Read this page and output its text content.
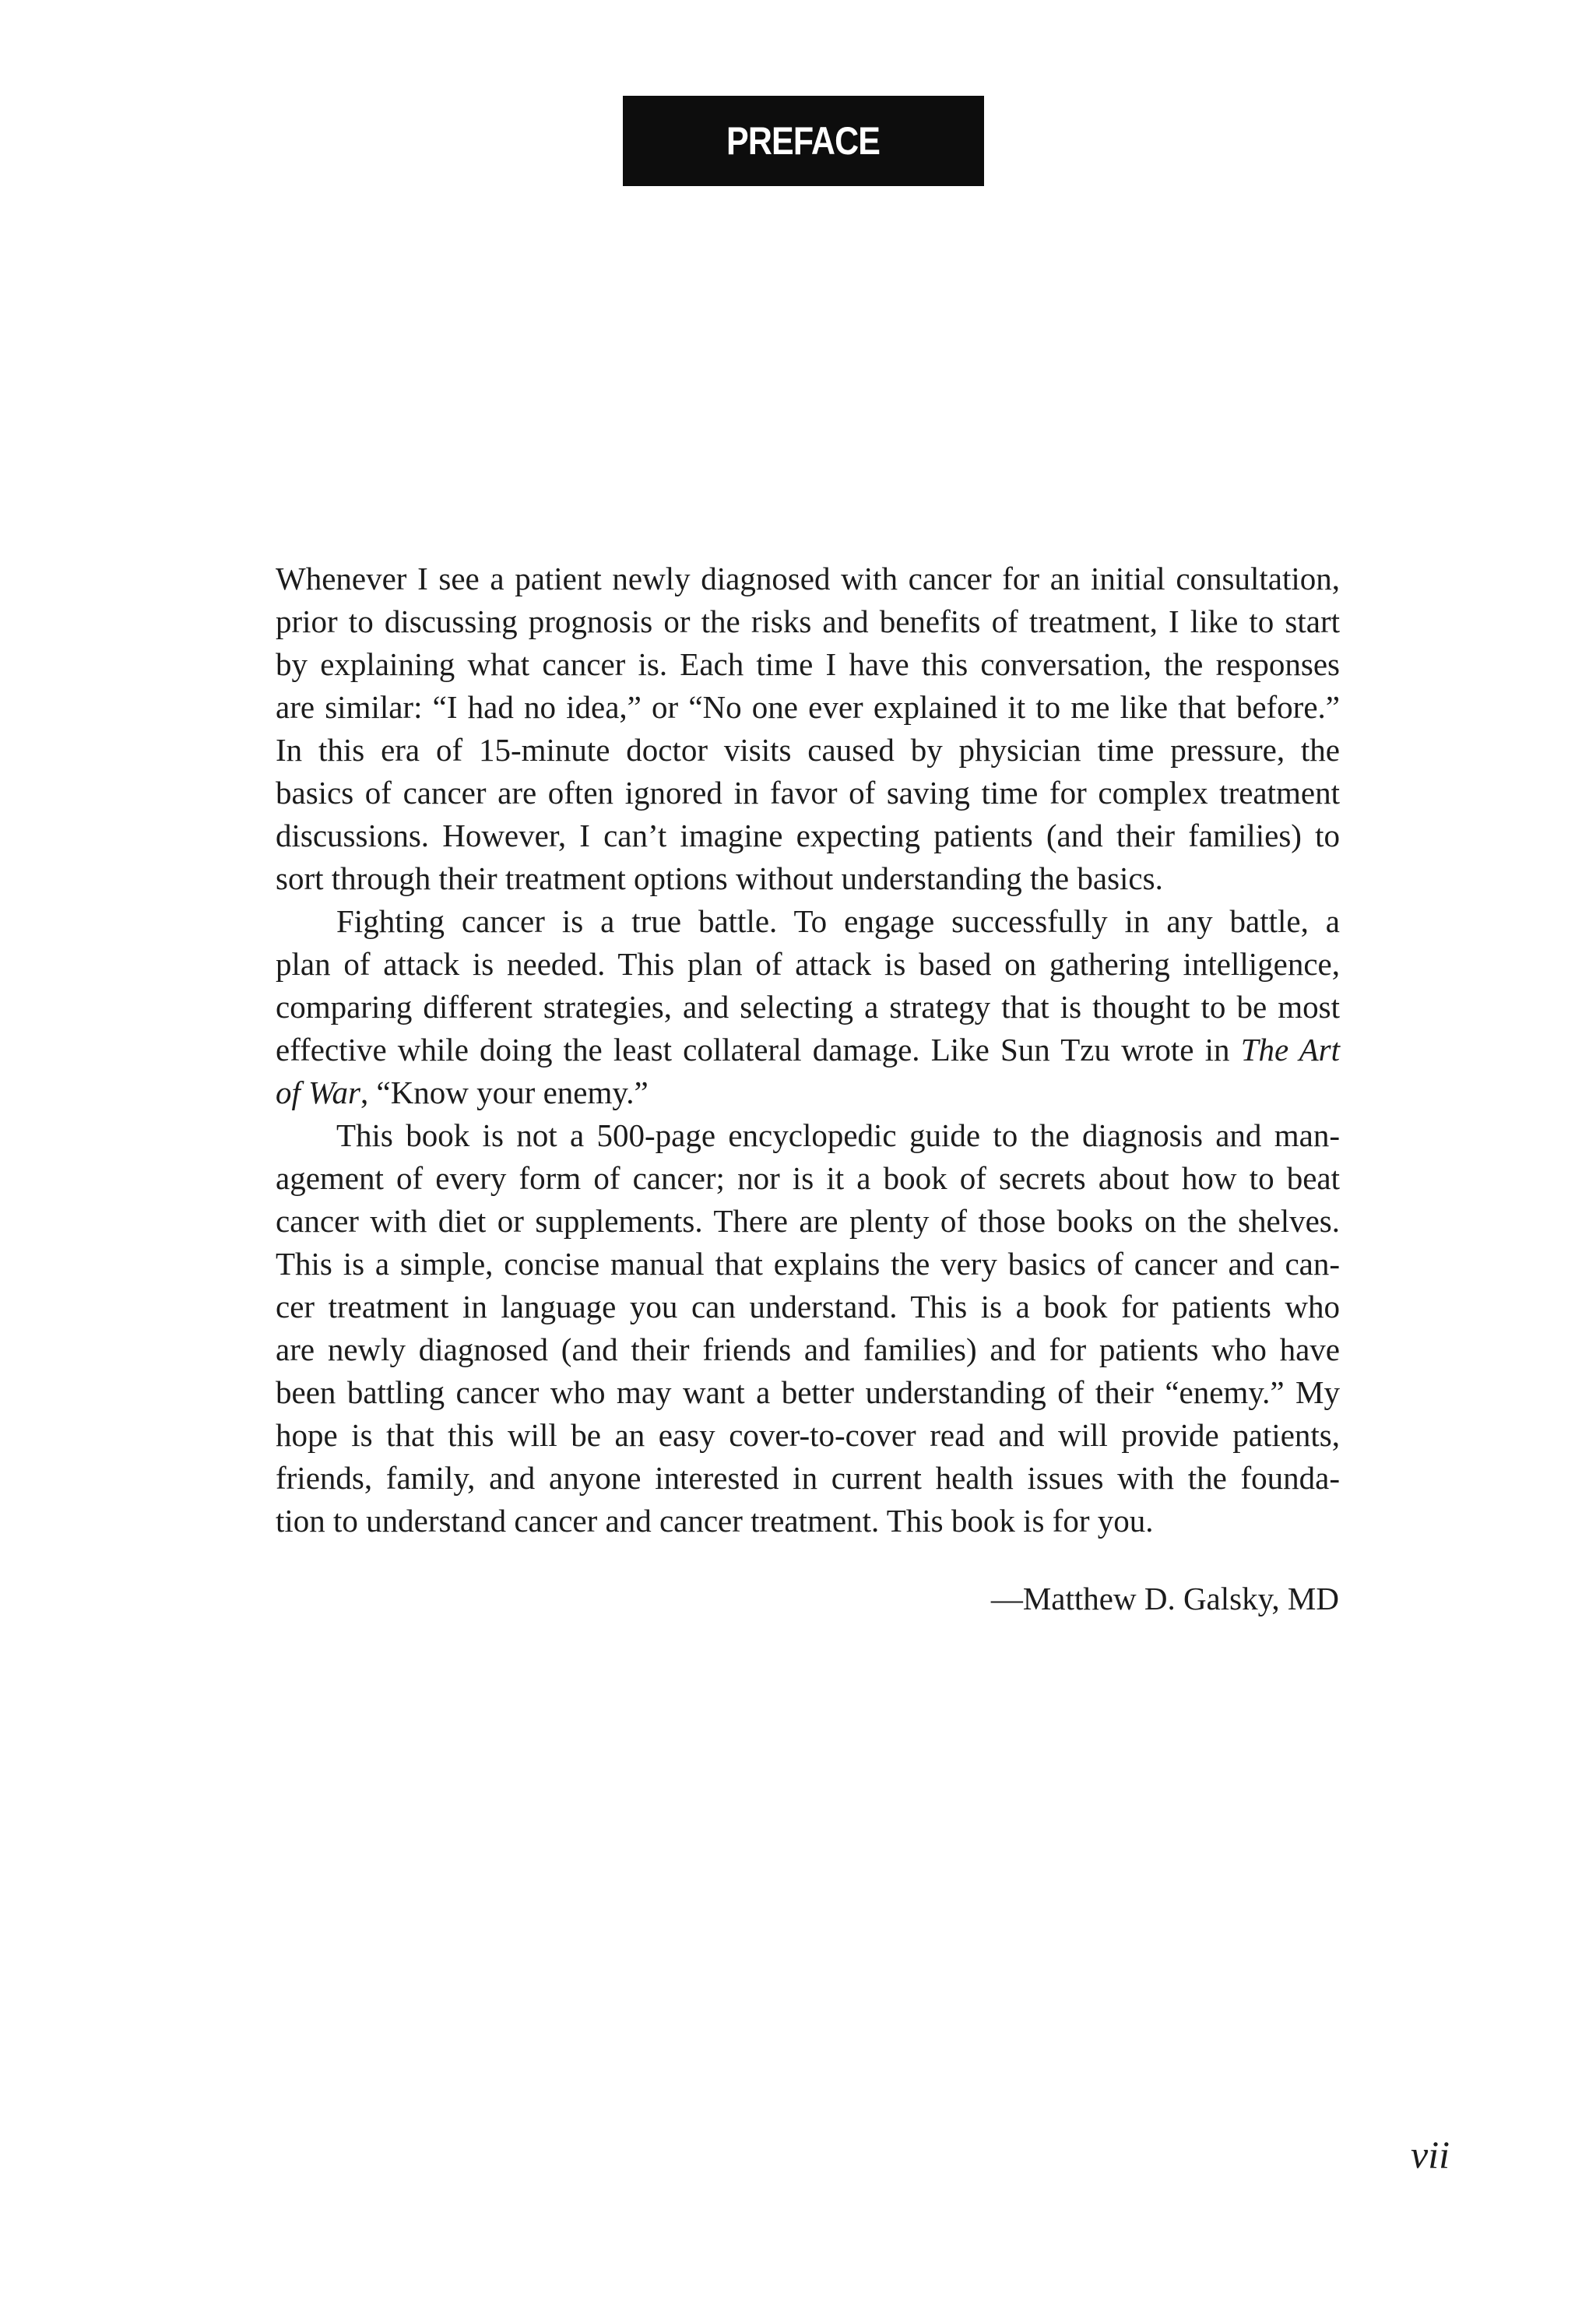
PREFACE
Whenever I see a patient newly diagnosed with cancer for an initial consultation,
prior to discussing prognosis or the risks and benefits of treatment, I like to start
by explaining what cancer is. Each time I have this conversation, the responses
are similar: “I had no idea,” or “No one ever explained it to me like that before.”
In this era of 15-minute doctor visits caused by physician time pressure, the
basics of cancer are often ignored in favor of saving time for complex treatment
discussions. However, I can’t imagine expecting patients (and their families) to
sort through their treatment options without understanding the basics.
Fighting cancer is a true battle. To engage successfully in any battle, a
plan of attack is needed. This plan of attack is based on gathering intelligence,
comparing different strategies, and selecting a strategy that is thought to be most
effective while doing the least collateral damage. Like Sun Tzu wrote in The Art
of War, “Know your enemy.”
This book is not a 500-page encyclopedic guide to the diagnosis and man-
agement of every form of cancer; nor is it a book of secrets about how to beat
cancer with diet or supplements. There are plenty of those books on the shelves.
This is a simple, concise manual that explains the very basics of cancer and can-
cer treatment in language you can understand. This is a book for patients who
are newly diagnosed (and their friends and families) and for patients who have
been battling cancer who may want a better understanding of their “enemy.” My
hope is that this will be an easy cover-to-cover read and will provide patients,
friends, family, and anyone interested in current health issues with the founda-
tion to understand cancer and cancer treatment. This book is for you.
—Matthew D. Galsky, MD
vii
